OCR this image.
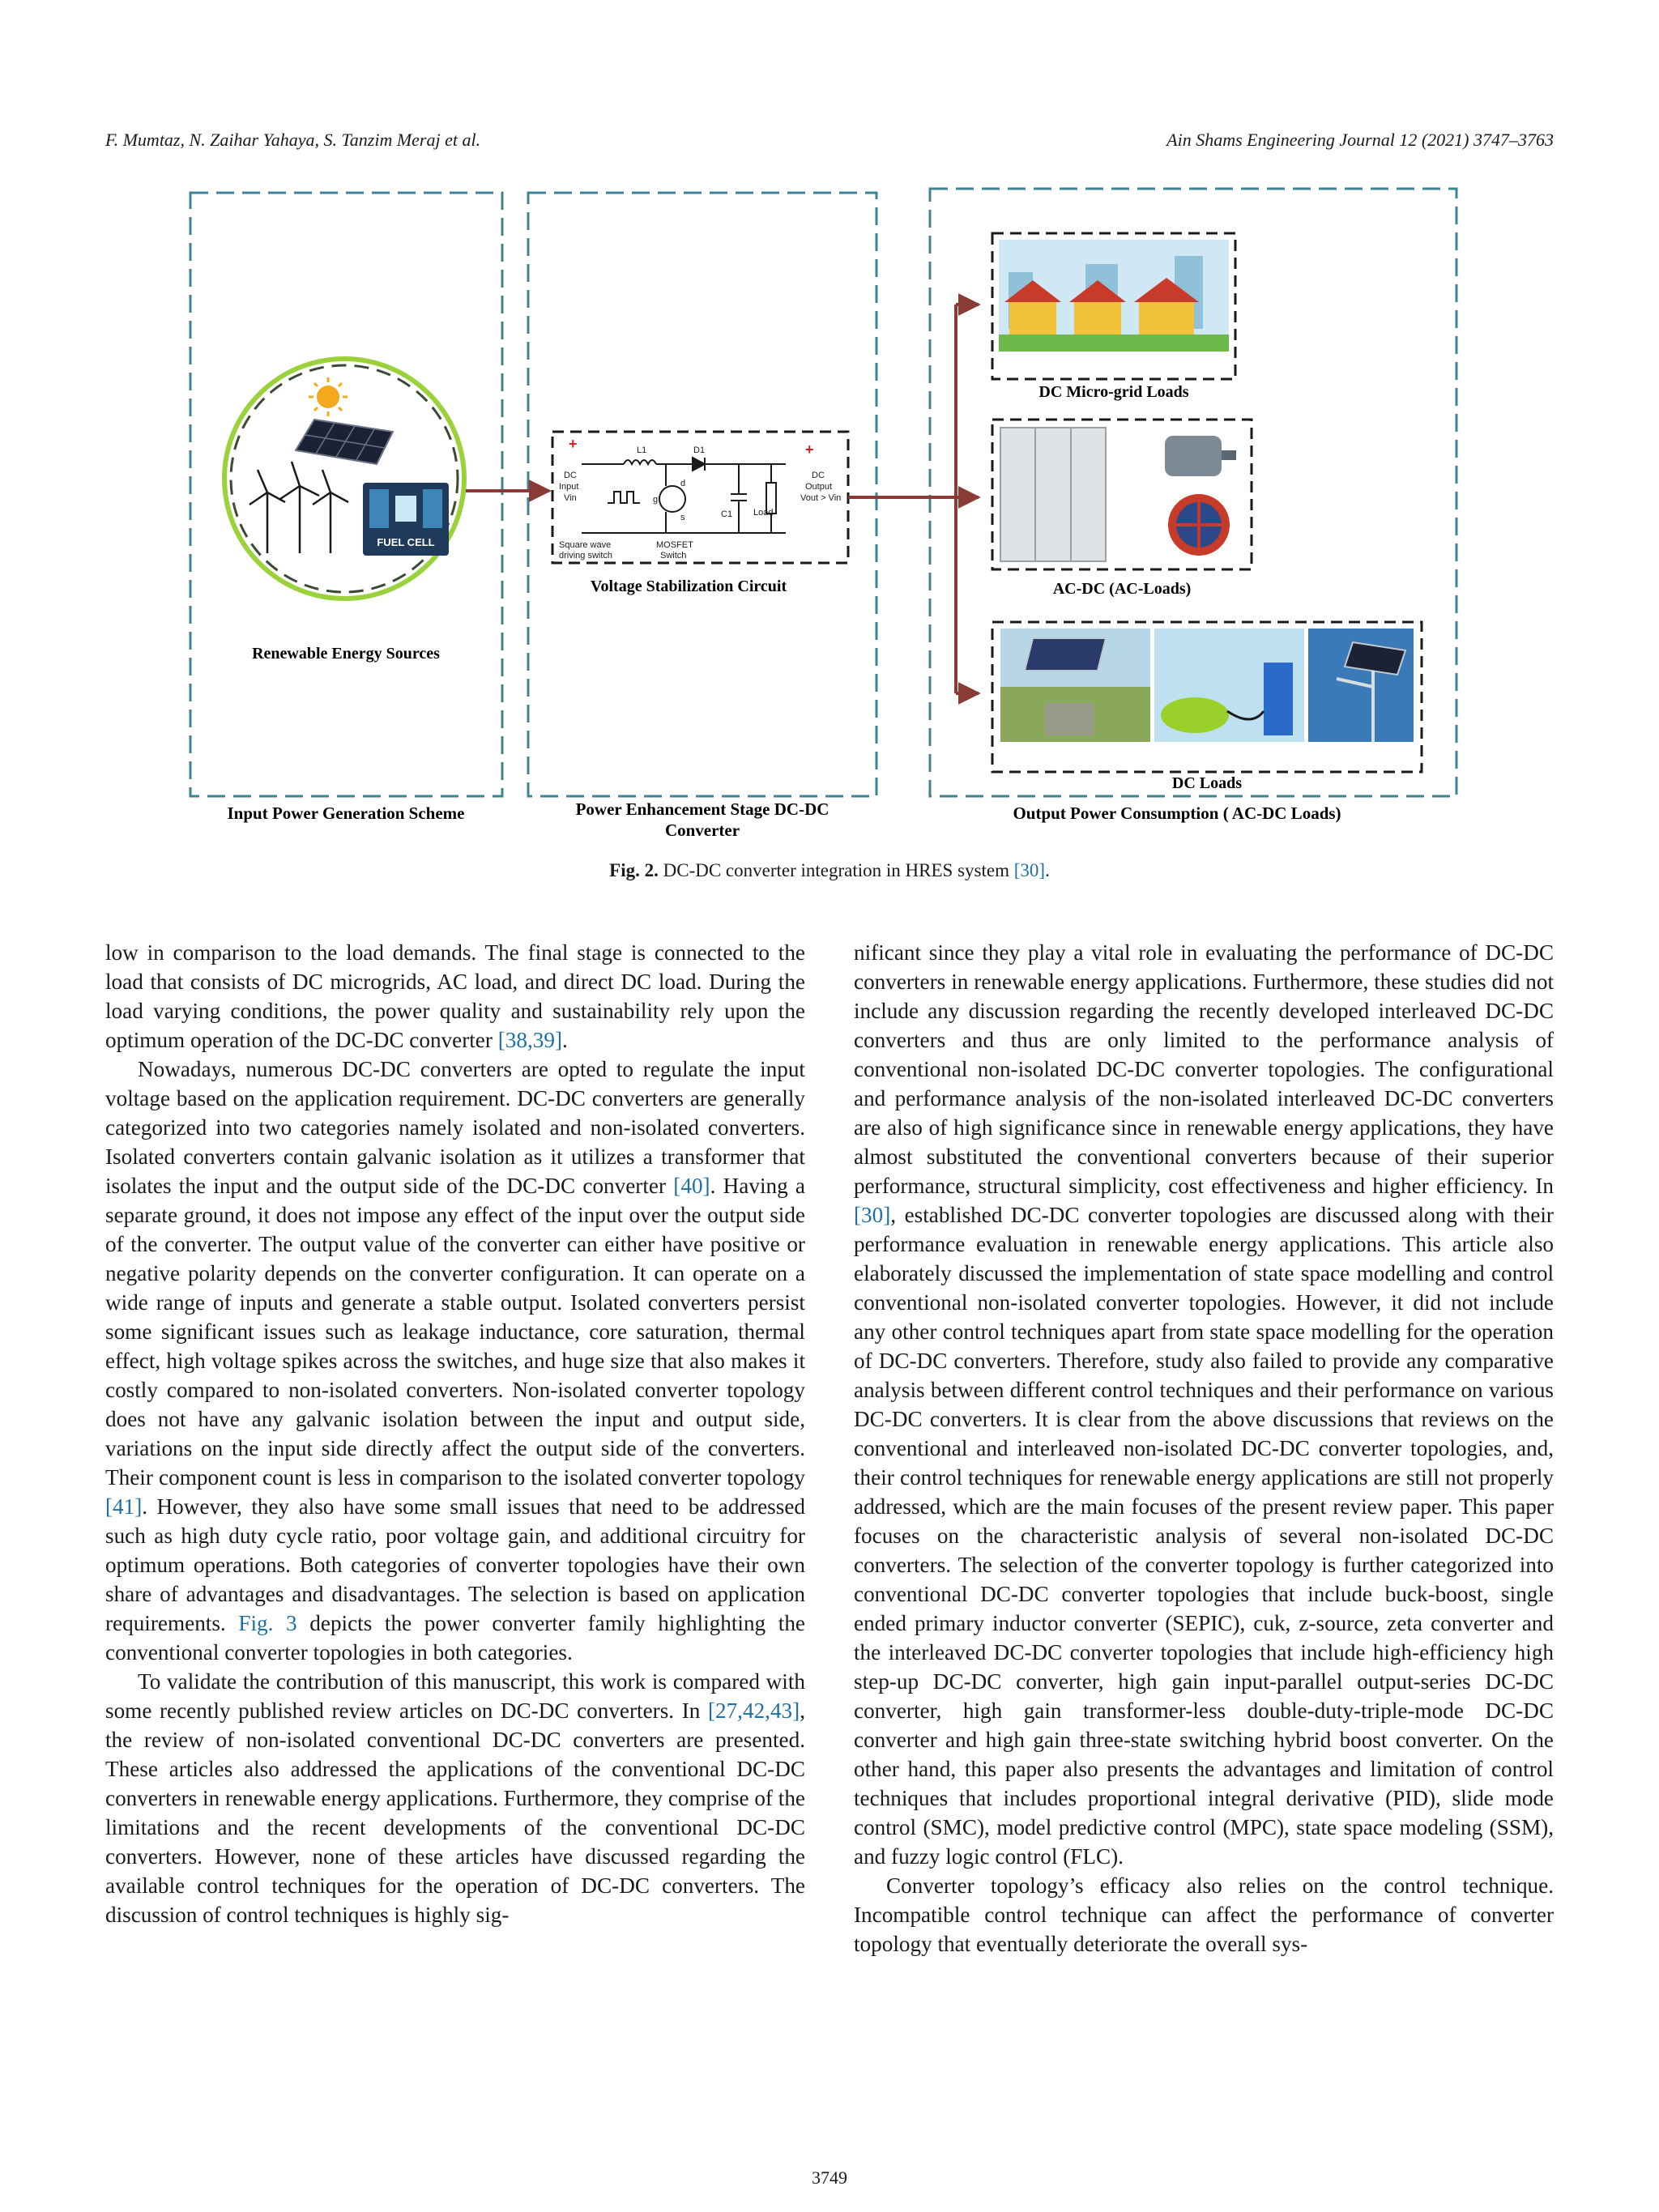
F. Mumtaz, N. Zaihar Yahaya, S. Tanzim Meraj et al.	Ain Shams Engineering Journal 12 (2021) 3747–3763
FUEL CELL
Renewable Energy Sources
L1	D1
DC
Input
Vin
C1 Load
DC
Output
Vout > Vin
Square wave
driving switch
MOSFET
Switch
g
d
s
+	+
Voltage Stabilization Circuit
DC Micro-grid Loads
AC-DC (AC-Loads)
DC Loads
Input Power Generation Scheme	Power Enhancement Stage DC-DC
Converter
Output Power Consumption ( AC-DC Loads)
Fig. 2. DC-DC converter integration in HRES system [30].

low in comparison to the load demands. The final stage is connected to the load that consists of DC microgrids, AC load, and direct DC load. During the load varying conditions, the power quality and sustainability rely upon the optimum operation of the DC-DC converter [38,39].

Nowadays, numerous DC-DC converters are opted to regulate the input voltage based on the application requirement. DC-DC converters are generally categorized into two categories namely isolated and non-isolated converters. Isolated converters contain galvanic isolation as it utilizes a transformer that isolates the input and the output side of the DC-DC converter [40]. Having a separate ground, it does not impose any effect of the input over the output side of the converter. The output value of the converter can either have positive or negative polarity depends on the converter configuration. It can operate on a wide range of inputs and generate a stable output. Isolated converters persist some significant issues such as leakage inductance, core saturation, thermal effect, high voltage spikes across the switches, and huge size that also makes it costly compared to non-isolated converters. Non-isolated converter topology does not have any galvanic isolation between the input and output side, variations on the input side directly affect the output side of the converters. Their component count is less in comparison to the isolated converter topology [41]. However, they also have some small issues that need to be addressed such as high duty cycle ratio, poor voltage gain, and additional circuitry for optimum operations. Both categories of converter topologies have their own share of advantages and disadvantages. The selection is based on application requirements. Fig. 3 depicts the power converter family highlighting the conventional converter topologies in both categories.

To validate the contribution of this manuscript, this work is compared with some recently published review articles on DC-DC converters. In [27,42,43], the review of non-isolated conventional DC-DC converters are presented. These articles also addressed the applications of the conventional DC-DC converters in renewable energy applications. Furthermore, they comprise of the limitations and the recent developments of the conventional DC-DC converters. However, none of these articles have discussed regarding the available control techniques for the operation of DC-DC converters. The discussion of control techniques is highly sig-

nificant since they play a vital role in evaluating the performance of DC-DC converters in renewable energy applications. Furthermore, these studies did not include any discussion regarding the recently developed interleaved DC-DC converters and thus are only limited to the performance analysis of conventional non-isolated DC-DC converter topologies. The configurational and performance analysis of the non-isolated interleaved DC-DC converters are also of high significance since in renewable energy applications, they have almost substituted the conventional converters because of their superior performance, structural simplicity, cost effectiveness and higher efficiency. In [30], established DC-DC converter topologies are discussed along with their performance evaluation in renewable energy applications. This article also elaborately discussed the implementation of state space modelling and control conventional non-isolated converter topologies. However, it did not include any other control techniques apart from state space modelling for the operation of DC-DC converters. Therefore, study also failed to provide any comparative analysis between different control techniques and their performance on various DC-DC converters. It is clear from the above discussions that reviews on the conventional and interleaved non-isolated DC-DC converter topologies, and, their control techniques for renewable energy applications are still not properly addressed, which are the main focuses of the present review paper. This paper focuses on the characteristic analysis of several non-isolated DC-DC converters. The selection of the converter topology is further categorized into conventional DC-DC converter topologies that include buck-boost, single ended primary inductor converter (SEPIC), cuk, z-source, zeta converter and the interleaved DC-DC converter topologies that include high-efficiency high step-up DC-DC converter, high gain input-parallel output-series DC-DC converter, high gain transformer-less double-duty-triple-mode DC-DC converter and high gain three-state switching hybrid boost converter. On the other hand, this paper also presents the advantages and limitation of control techniques that includes proportional integral derivative (PID), slide mode control (SMC), model predictive control (MPC), state space modeling (SSM), and fuzzy logic control (FLC).

Converter topology’s efficacy also relies on the control technique. Incompatible control technique can affect the performance of converter topology that eventually deteriorate the overall sys-

3749
